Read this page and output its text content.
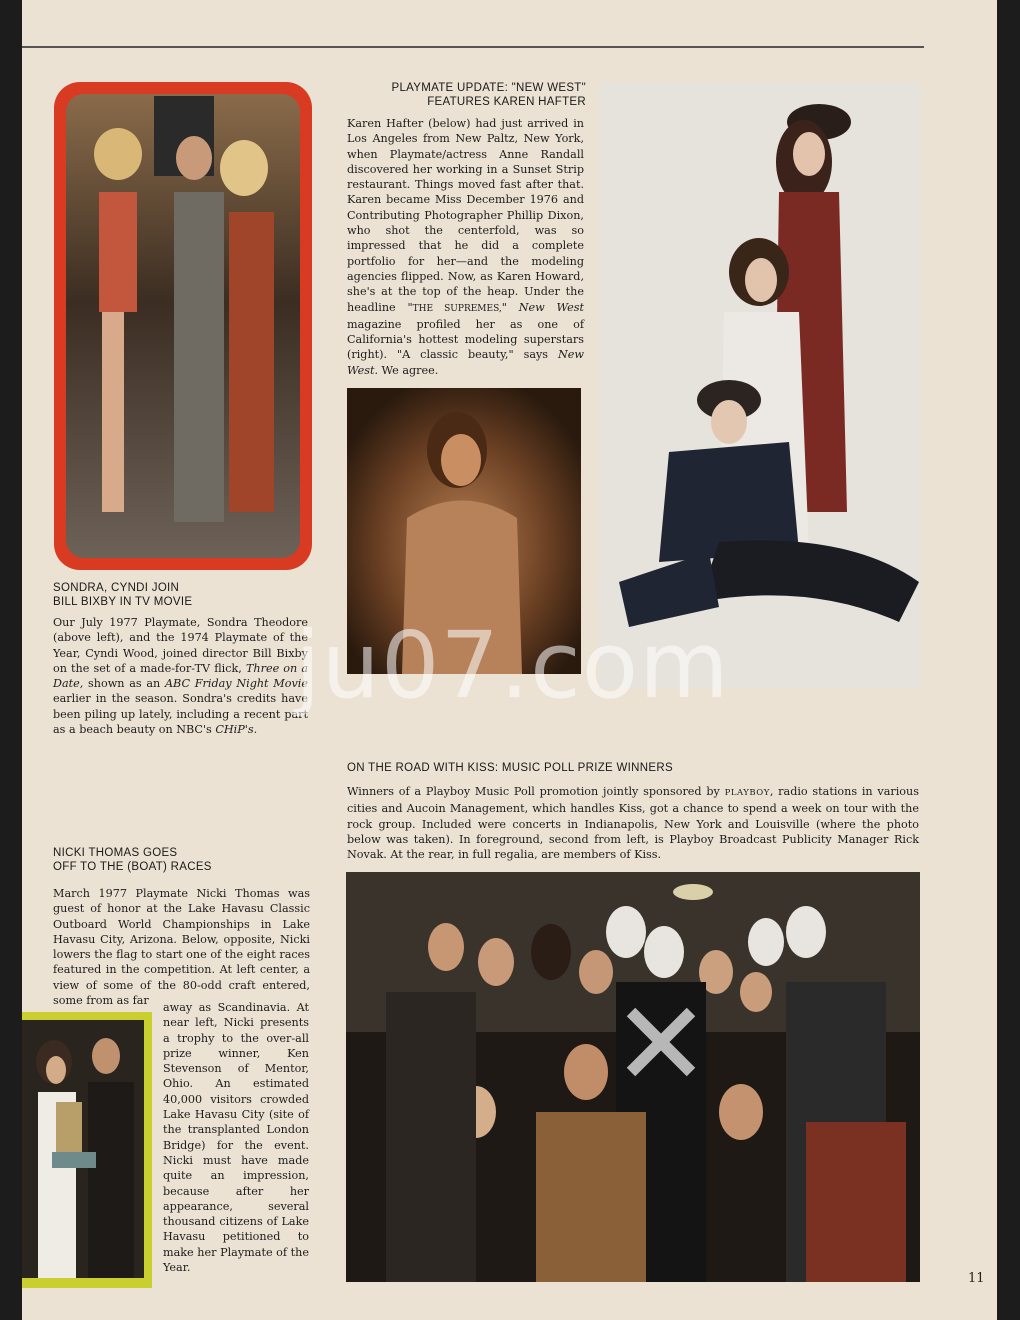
PLAYMATE UPDATE: "NEW WEST"
FEATURES KAREN HAFTER
Karen Hafter (below) had just arrived in Los Angeles from New Paltz, New York, when Playmate/actress Anne Randall discovered her working in a Sunset Strip restaurant. Things moved fast after that. Karen became Miss December 1976 and Contributing Photographer Phillip Dixon, who shot the centerfold, was so impressed that he did a complete portfolio for her—and the modeling agencies flipped. Now, as Karen Howard, she's at the top of the heap. Under the headline "THE SUPREMES," New West magazine profiled her as one of California's hottest modeling superstars (right). "A classic beauty," says New West. We agree.
SONDRA, CYNDI JOIN
BILL BIXBY IN TV MOVIE
Our July 1977 Playmate, Sondra Theodore (above left), and the 1974 Playmate of the Year, Cyndi Wood, joined director Bill Bixby on the set of a made-for-TV flick, Three on a Date, shown as an ABC Friday Night Movie earlier in the season. Sondra's credits have been piling up lately, including a recent part as a beach beauty on NBC's CHiP's.
ON THE ROAD WITH KISS: MUSIC POLL PRIZE WINNERS
Winners of a Playboy Music Poll promotion jointly sponsored by PLAYBOY, radio stations in various cities and Aucoin Management, which handles Kiss, got a chance to spend a week on tour with the rock group. Included were concerts in Indianapolis, New York and Louisville (where the photo below was taken). In foreground, second from left, is Playboy Broadcast Publicity Manager Rick Novak. At the rear, in full regalia, are members of Kiss.
NICKI THOMAS GOES
OFF TO THE (BOAT) RACES
March 1977 Playmate Nicki Thomas was guest of honor at the Lake Havasu Classic Outboard World Championships in Lake Havasu City, Arizona. Below, opposite, Nicki lowers the flag to start one of the eight races featured in the competition. At left center, a view of some of the 80-odd craft entered, some from as far
away as Scandinavia. At near left, Nicki presents a trophy to the over-all prize winner, Ken Stevenson of Mentor, Ohio. An estimated 40,000 visitors crowded Lake Havasu City (site of the transplanted London Bridge) for the event. Nicki must have made quite an impression, because after her appearance, several thousand citizens of Lake Havasu petitioned to make her Playmate of the Year.
11
ju07.com
